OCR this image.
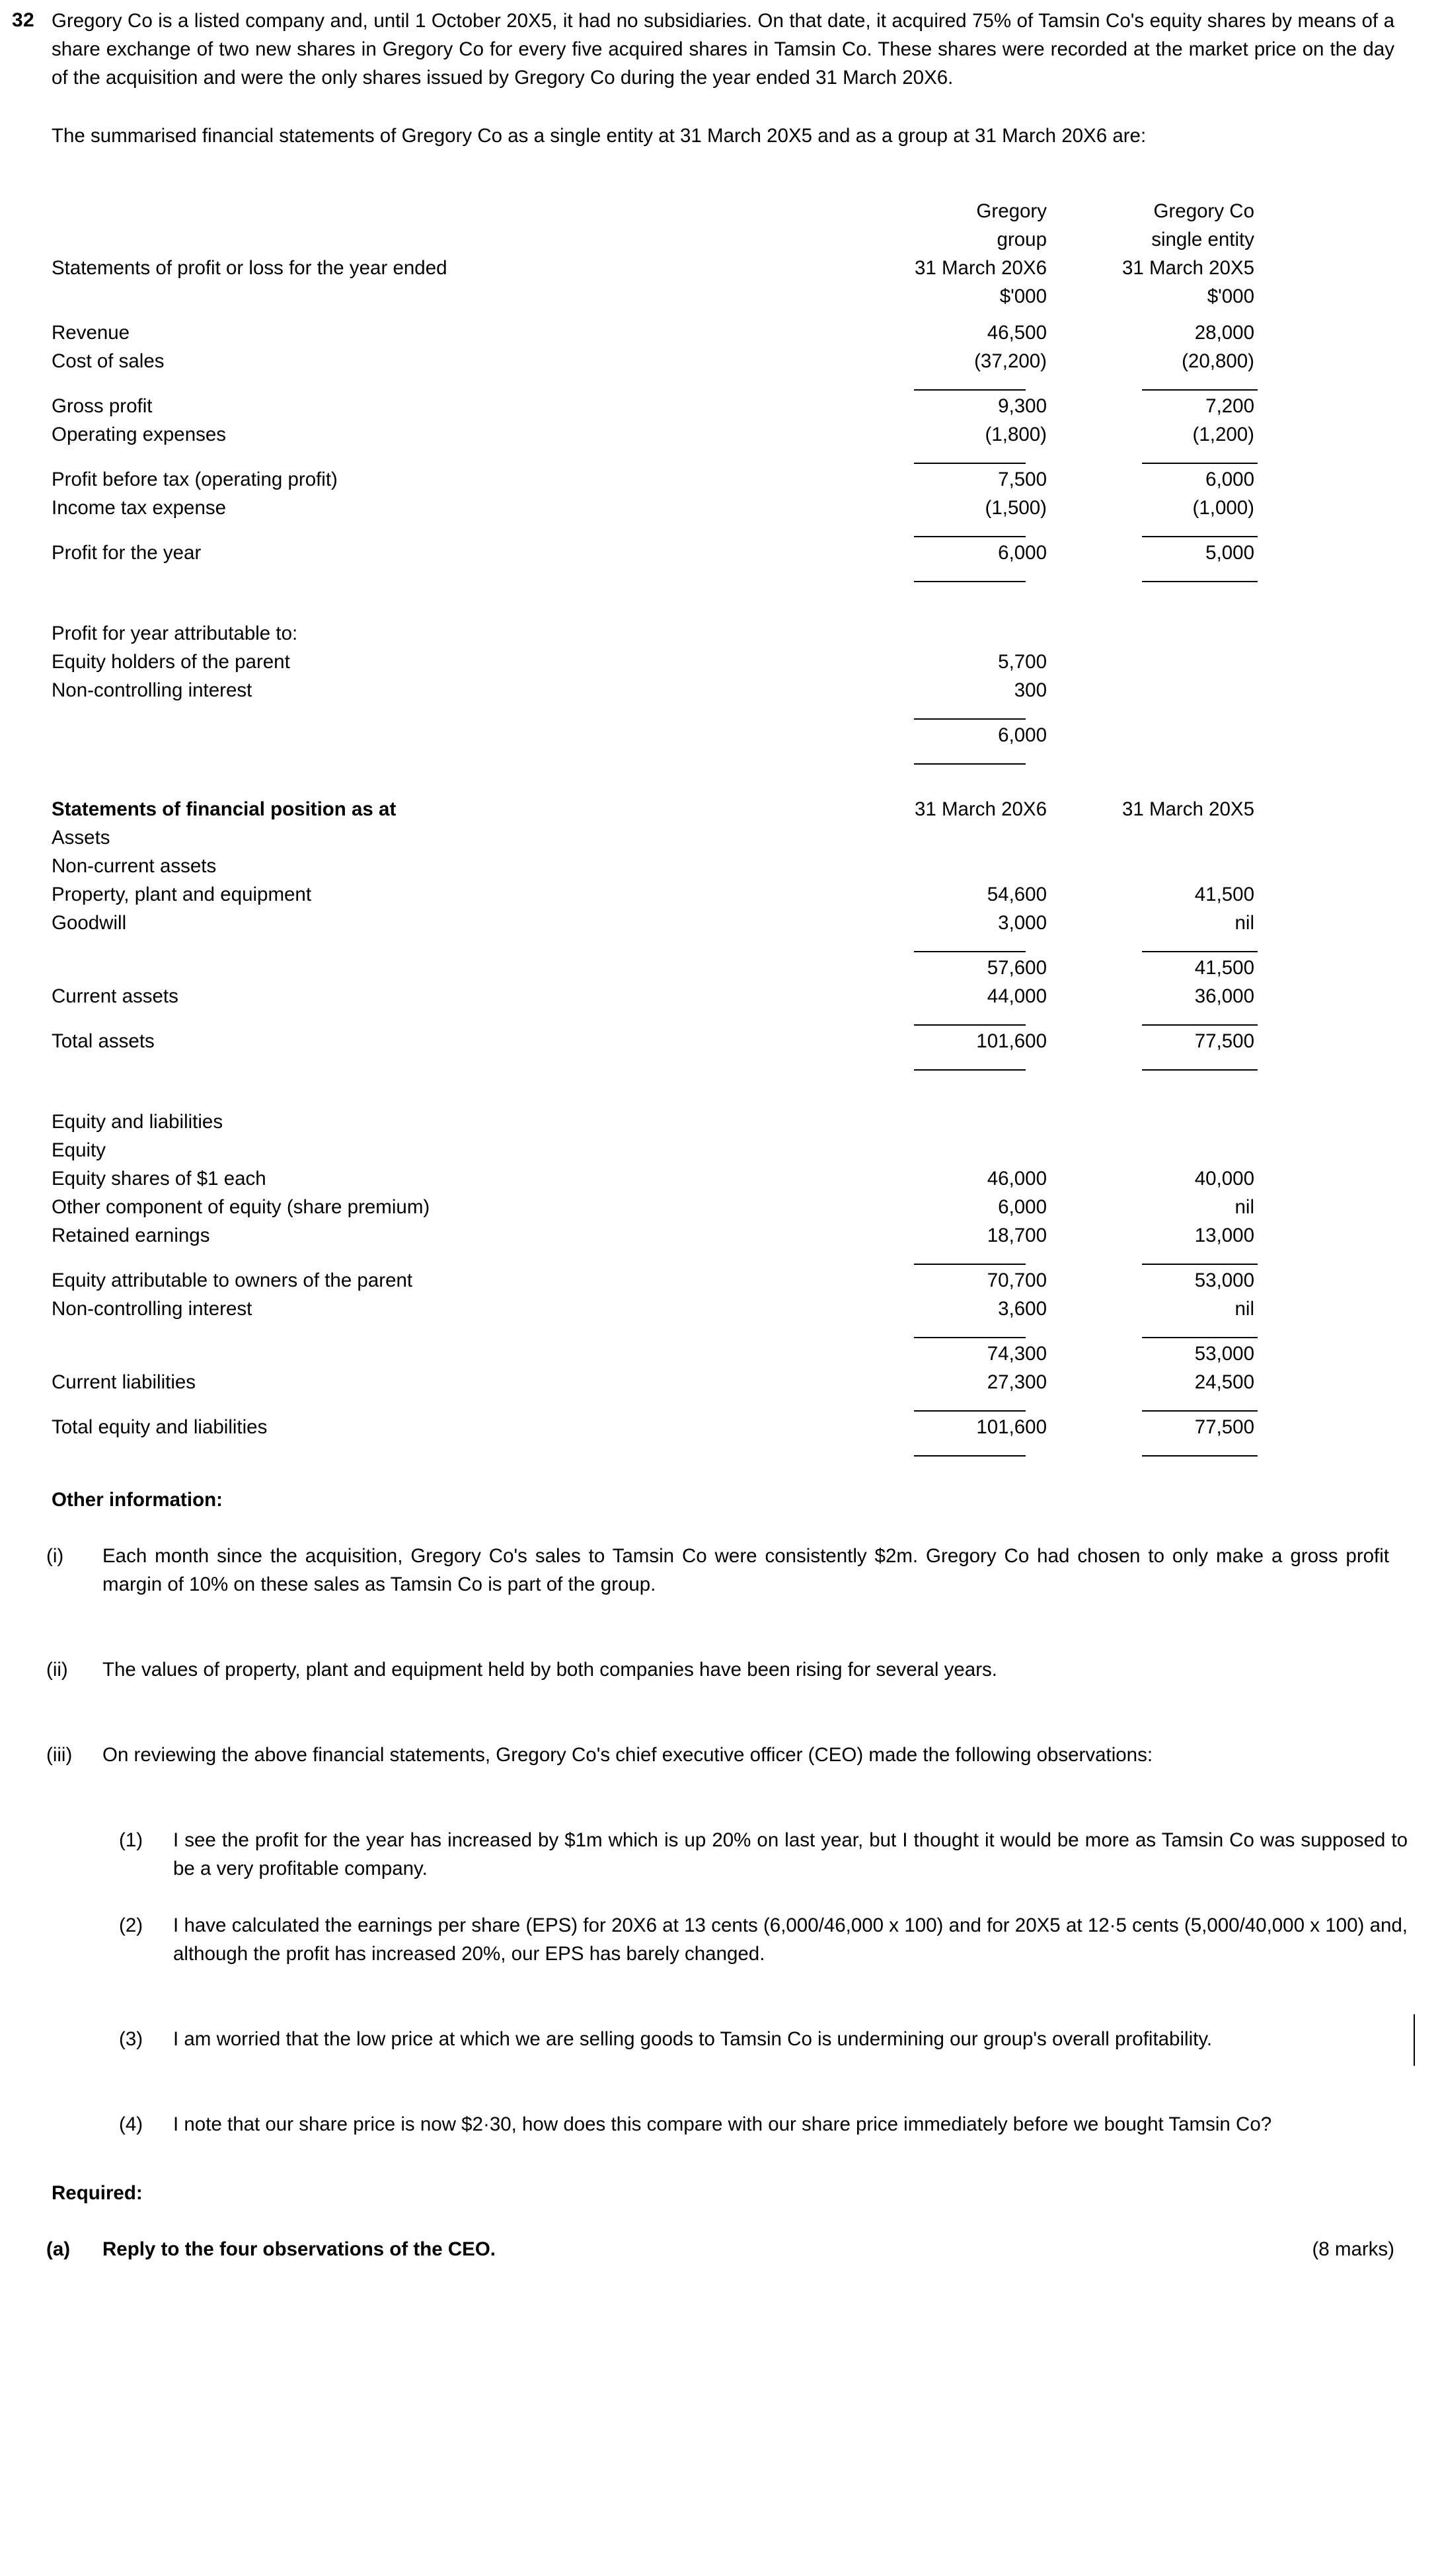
32 Gregory Co is a listed company and, until 1 October 20X5, it had no subsidiaries. On that date, it acquired 75% of Tamsin Co's equity shares by means of a share exchange of two new shares in Gregory Co for every five acquired shares in Tamsin Co. These shares were recorded at the market price on the day of the acquisition and were the only shares issued by Gregory Co during the year ended 31 March 20X6.
The summarised financial statements of Gregory Co as a single entity at 31 March 20X5 and as a group at 31 March 20X6 are:
Gregory	Gregory Co
group	single entity
Statements of profit or loss for the year ended	31 March 20X6	31 March 20X5
$'000	$'000
Revenue	46,500	28,000
Cost of sales	(37,200)	(20,800)
Gross profit	9,300	7,200
Operating expenses	(1,800)	(1,200)
Profit before tax (operating profit)	7,500	6,000
Income tax expense	(1,500)	(1,000)
Profit for the year	6,000	5,000
Profit for year attributable to:
Equity holders of the parent	5,700
Non-controlling interest	300
6,000
Statements of financial position as at	31 March 20X6	31 March 20X5
Assets
Non-current assets
Property, plant and equipment	54,600	41,500
Goodwill	3,000	nil
57,600	41,500
Current assets	44,000	36,000
Total assets	101,600	77,500
Equity and liabilities
Equity
Equity shares of $1 each	46,000	40,000
Other component of equity (share premium)	6,000	nil
Retained earnings	18,700	13,000
Equity attributable to owners of the parent	70,700	53,000
Non-controlling interest	3,600	nil
74,300	53,000
Current liabilities	27,300	24,500
Total equity and liabilities	101,600	77,500
Other information:
(i)	Each month since the acquisition, Gregory Co's sales to Tamsin Co were consistently $2m. Gregory Co had chosen to only make a gross profit margin of 10% on these sales as Tamsin Co is part of the group.
(ii)	The values of property, plant and equipment held by both companies have been rising for several years.
(iii)	On reviewing the above financial statements, Gregory Co's chief executive officer (CEO) made the following observations:
(1)	I see the profit for the year has increased by $1m which is up 20% on last year, but I thought it would be more as Tamsin Co was supposed to be a very profitable company.
(2)	I have calculated the earnings per share (EPS) for 20X6 at 13 cents (6,000/46,000 x 100) and for 20X5 at 12·5 cents (5,000/40,000 x 100) and, although the profit has increased 20%, our EPS has barely changed.
(3)	I am worried that the low price at which we are selling goods to Tamsin Co is undermining our group's overall profitability.
(4)	I note that our share price is now $2·30, how does this compare with our share price immediately before we bought Tamsin Co?
Required:
(a)	Reply to the four observations of the CEO.	(8 marks)
